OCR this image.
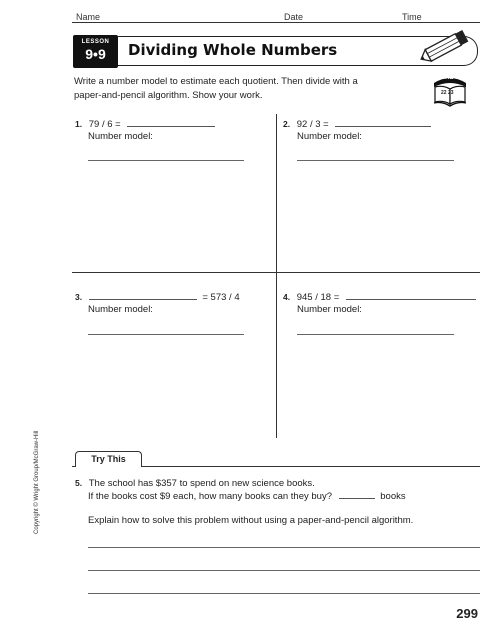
Name	Date	Time
LESSON
9•9	Dividing Whole Numbers
SRB
22 23
Write a number model to estimate each quotient. Then divide with a
paper-and-pencil algorithm. Show your work.
1. 79 / 6 =
Number model:
2. 92 / 3 =
Number model:
3.	= 573 / 4
Number model:
4. 945 / 18 =
Number model:
Try This
5. The school has $357 to spend on new science books.
If the books cost $9 each, how many books can they buy?	books
Explain how to solve this problem without using a paper-and-pencil algorithm.
Copyright © Wright Group/McGraw-Hill
299
